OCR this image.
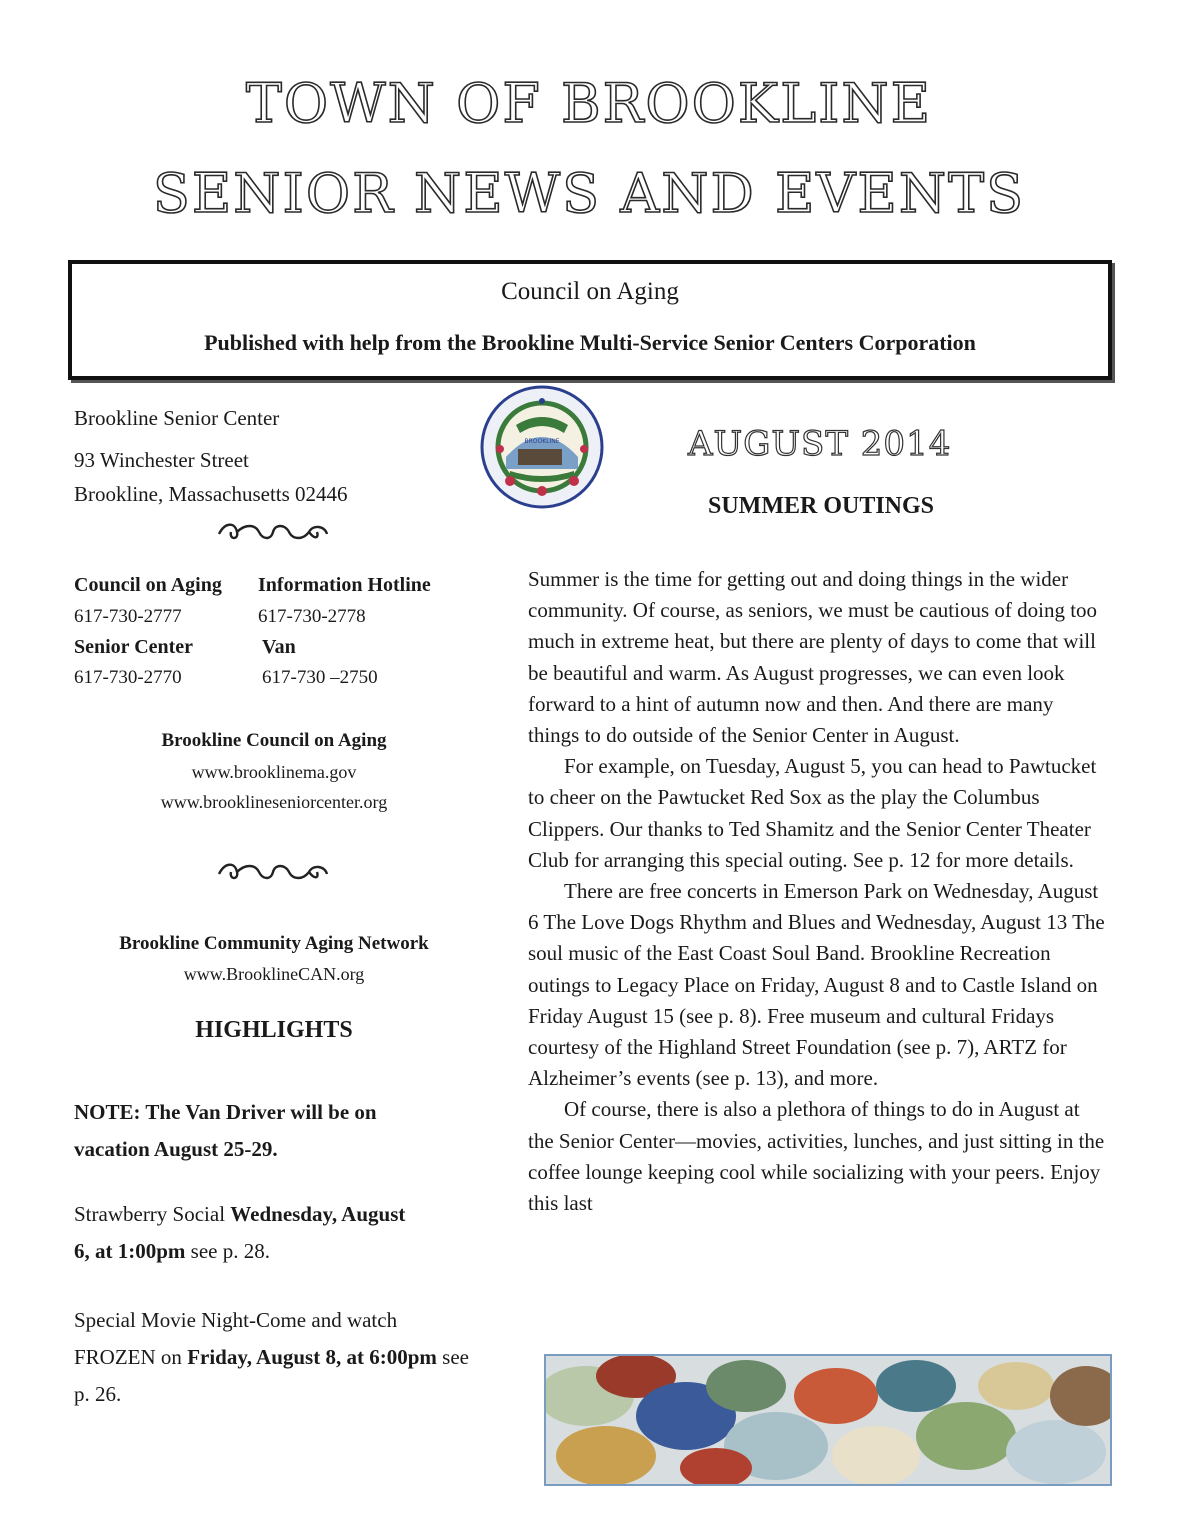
TOWN OF BROOKLINE
SENIOR NEWS AND EVENTS
Council on Aging
Published with help from the Brookline Multi-Service Senior Centers Corporation
Brookline Senior Center
93 Winchester Street
Brookline, Massachusetts 02446
Council on Aging
617-730-2777
Information Hotline
617-730-2778
Senior Center
617-730-2770
Van
617-730 –2750
Brookline Council on Aging
www.brooklinema.gov
www.brooklineseniorcenter.org
Brookline Community Aging Network
www.BrooklineCAN.org
HIGHLIGHTS
NOTE: The Van Driver will be on vacation August 25-29.
Strawberry Social Wednesday, August 6, at 1:00pm see p. 28.
Special Movie Night-Come and watch FROZEN on Friday, August 8, at 6:00pm see p. 26.
BROOKLINE	AUGUST 2014
SUMMER OUTINGS

Summer is the time for getting out and doing things in the wider community. Of course, as seniors, we must be cautious of doing too much in extreme heat, but there are plenty of days to come that will be beautiful and warm. As August progresses, we can even look forward to a hint of autumn now and then. And there are many things to do outside of the Senior Center in August.

For example, on Tuesday, August 5, you can head to Pawtucket to cheer on the Pawtucket Red Sox as the play the Columbus Clippers. Our thanks to Ted Shamitz and the Senior Center Theater Club for arranging this special outing. See p. 12 for more details.

There are free concerts in Emerson Park on Wednesday, August 6 The Love Dogs Rhythm and Blues and Wednesday, August 13 The soul music of the East Coast Soul Band. Brookline Recreation outings to Legacy Place on Friday, August 8 and to Castle Island on Friday August 15 (see p. 8). Free museum and cultural Fridays courtesy of the Highland Street Foundation (see p. 7), ARTZ for Alzheimer’s events (see p. 13), and more.

Of course, there is also a plethora of things to do in August at the Senior Center—movies, activities, lunches, and just sitting in the coffee lounge keeping cool while socializing with your peers. Enjoy this last
